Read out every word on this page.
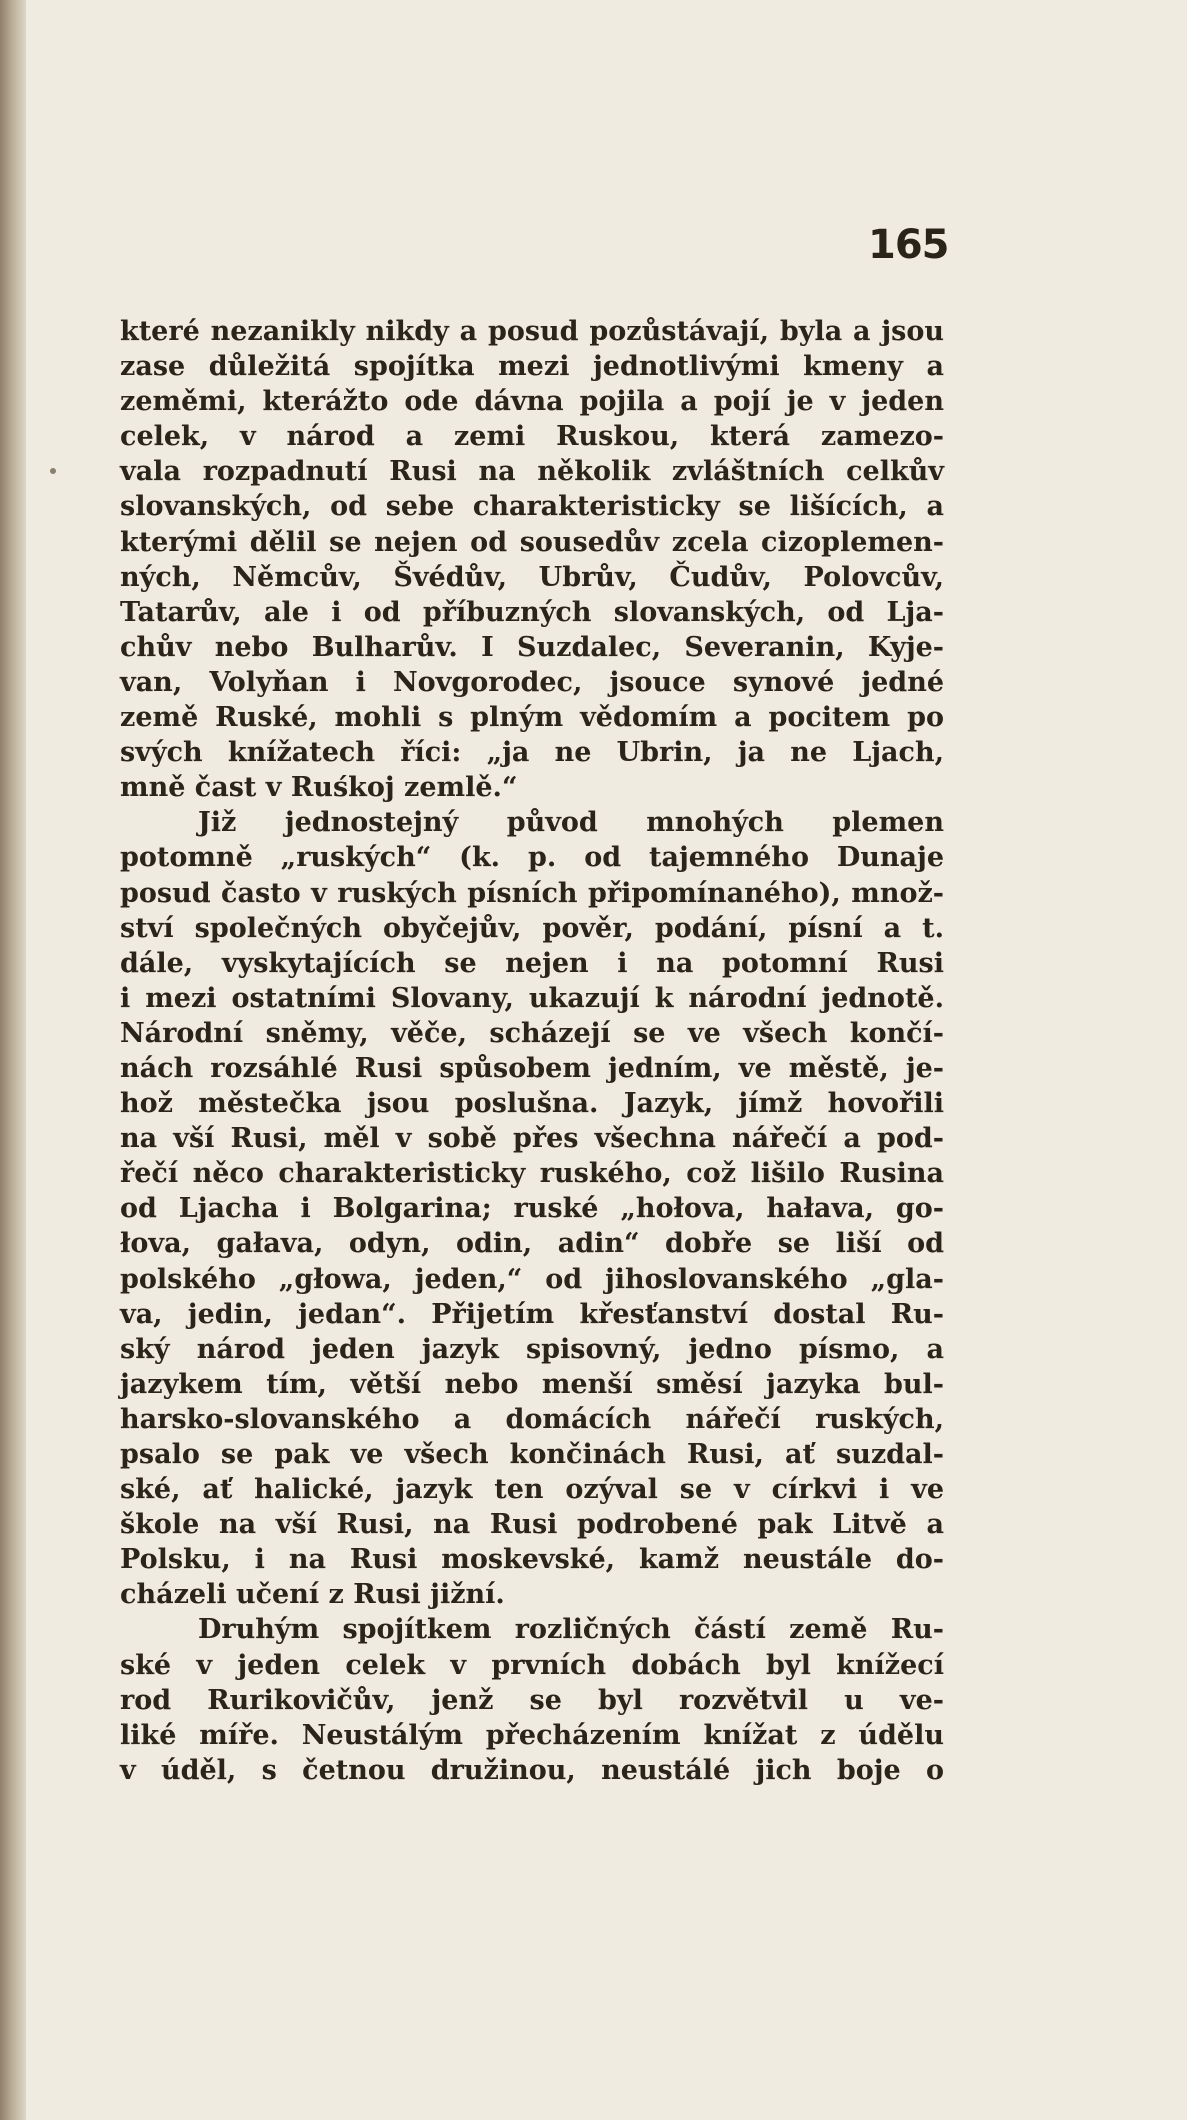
165
které nezanikly nikdy a posud pozůstávají, byla a jsou
zase důležitá spojítka mezi jednotlivými kmeny a
zeměmi, kterážto ode dávna pojila a pojí je v jeden
celek, v národ a zemi Ruskou, která zamezo-
vala rozpadnutí Rusi na několik zvláštních celkův
slovanských, od sebe charakteristicky se lišících, a
kterými dělil se nejen od sousedův zcela cizoplemen-
ných, Němcův, Švédův, Ubrův, Čudův, Polovcův,
Tatarův, ale i od příbuzných slovanských, od Lja-
chův nebo Bulharův. I Suzdalec, Severanin, Kyje-
van, Volyňan i Novgorodec, jsouce synové jedné
země Ruské, mohli s plným vědomím a pocitem po
svých knížatech říci: „ja ne Ubrin, ja ne Ljach,
mně čast v Ruśkoj zemlě.“
Již jednostejný původ mnohých plemen
potomně „ruských“ (k. p. od tajemného Dunaje
posud často v ruských písních připomínaného), množ-
ství společných obyčejův, pověr, podání, písní a t.
dále, vyskytajících se nejen i na potomní Rusi
i mezi ostatními Slovany, ukazují k národní jednotě.
Národní sněmy, věče, scházejí se ve všech končí-
nách rozsáhlé Rusi spůsobem jedním, ve městě, je-
hož městečka jsou poslušna. Jazyk, jímž hovořili
na vší Rusi, měl v sobě přes všechna nářečí a pod-
řečí něco charakteristicky ruského, což lišilo Rusina
od Ljacha i Bolgarina; ruské „hołova, hałava, go-
łova, gałava, odyn, odin, adin“ dobře se liší od
polského „głowa, jeden,“ od jihoslovanského „gla-
va, jedin, jedan“. Přijetím křesťanství dostal Ru-
ský národ jeden jazyk spisovný, jedno písmo, a
jazykem tím, větší nebo menší směsí jazyka bul-
harsko-slovanského a domácích nářečí ruských,
psalo se pak ve všech končinách Rusi, ať suzdal-
ské, ať halické, jazyk ten ozýval se v církvi i ve
škole na vší Rusi, na Rusi podrobené pak Litvě a
Polsku, i na Rusi moskevské, kamž neustále do-
cházeli učení z Rusi jižní.
Druhým spojítkem rozličných částí země Ru-
ské v jeden celek v prvních dobách byl knížecí
rod Rurikovičův, jenž se byl rozvětvil u ve-
liké míře. Neustálým přecházením knížat z údělu
v úděl, s četnou družinou, neustálé jich boje o
